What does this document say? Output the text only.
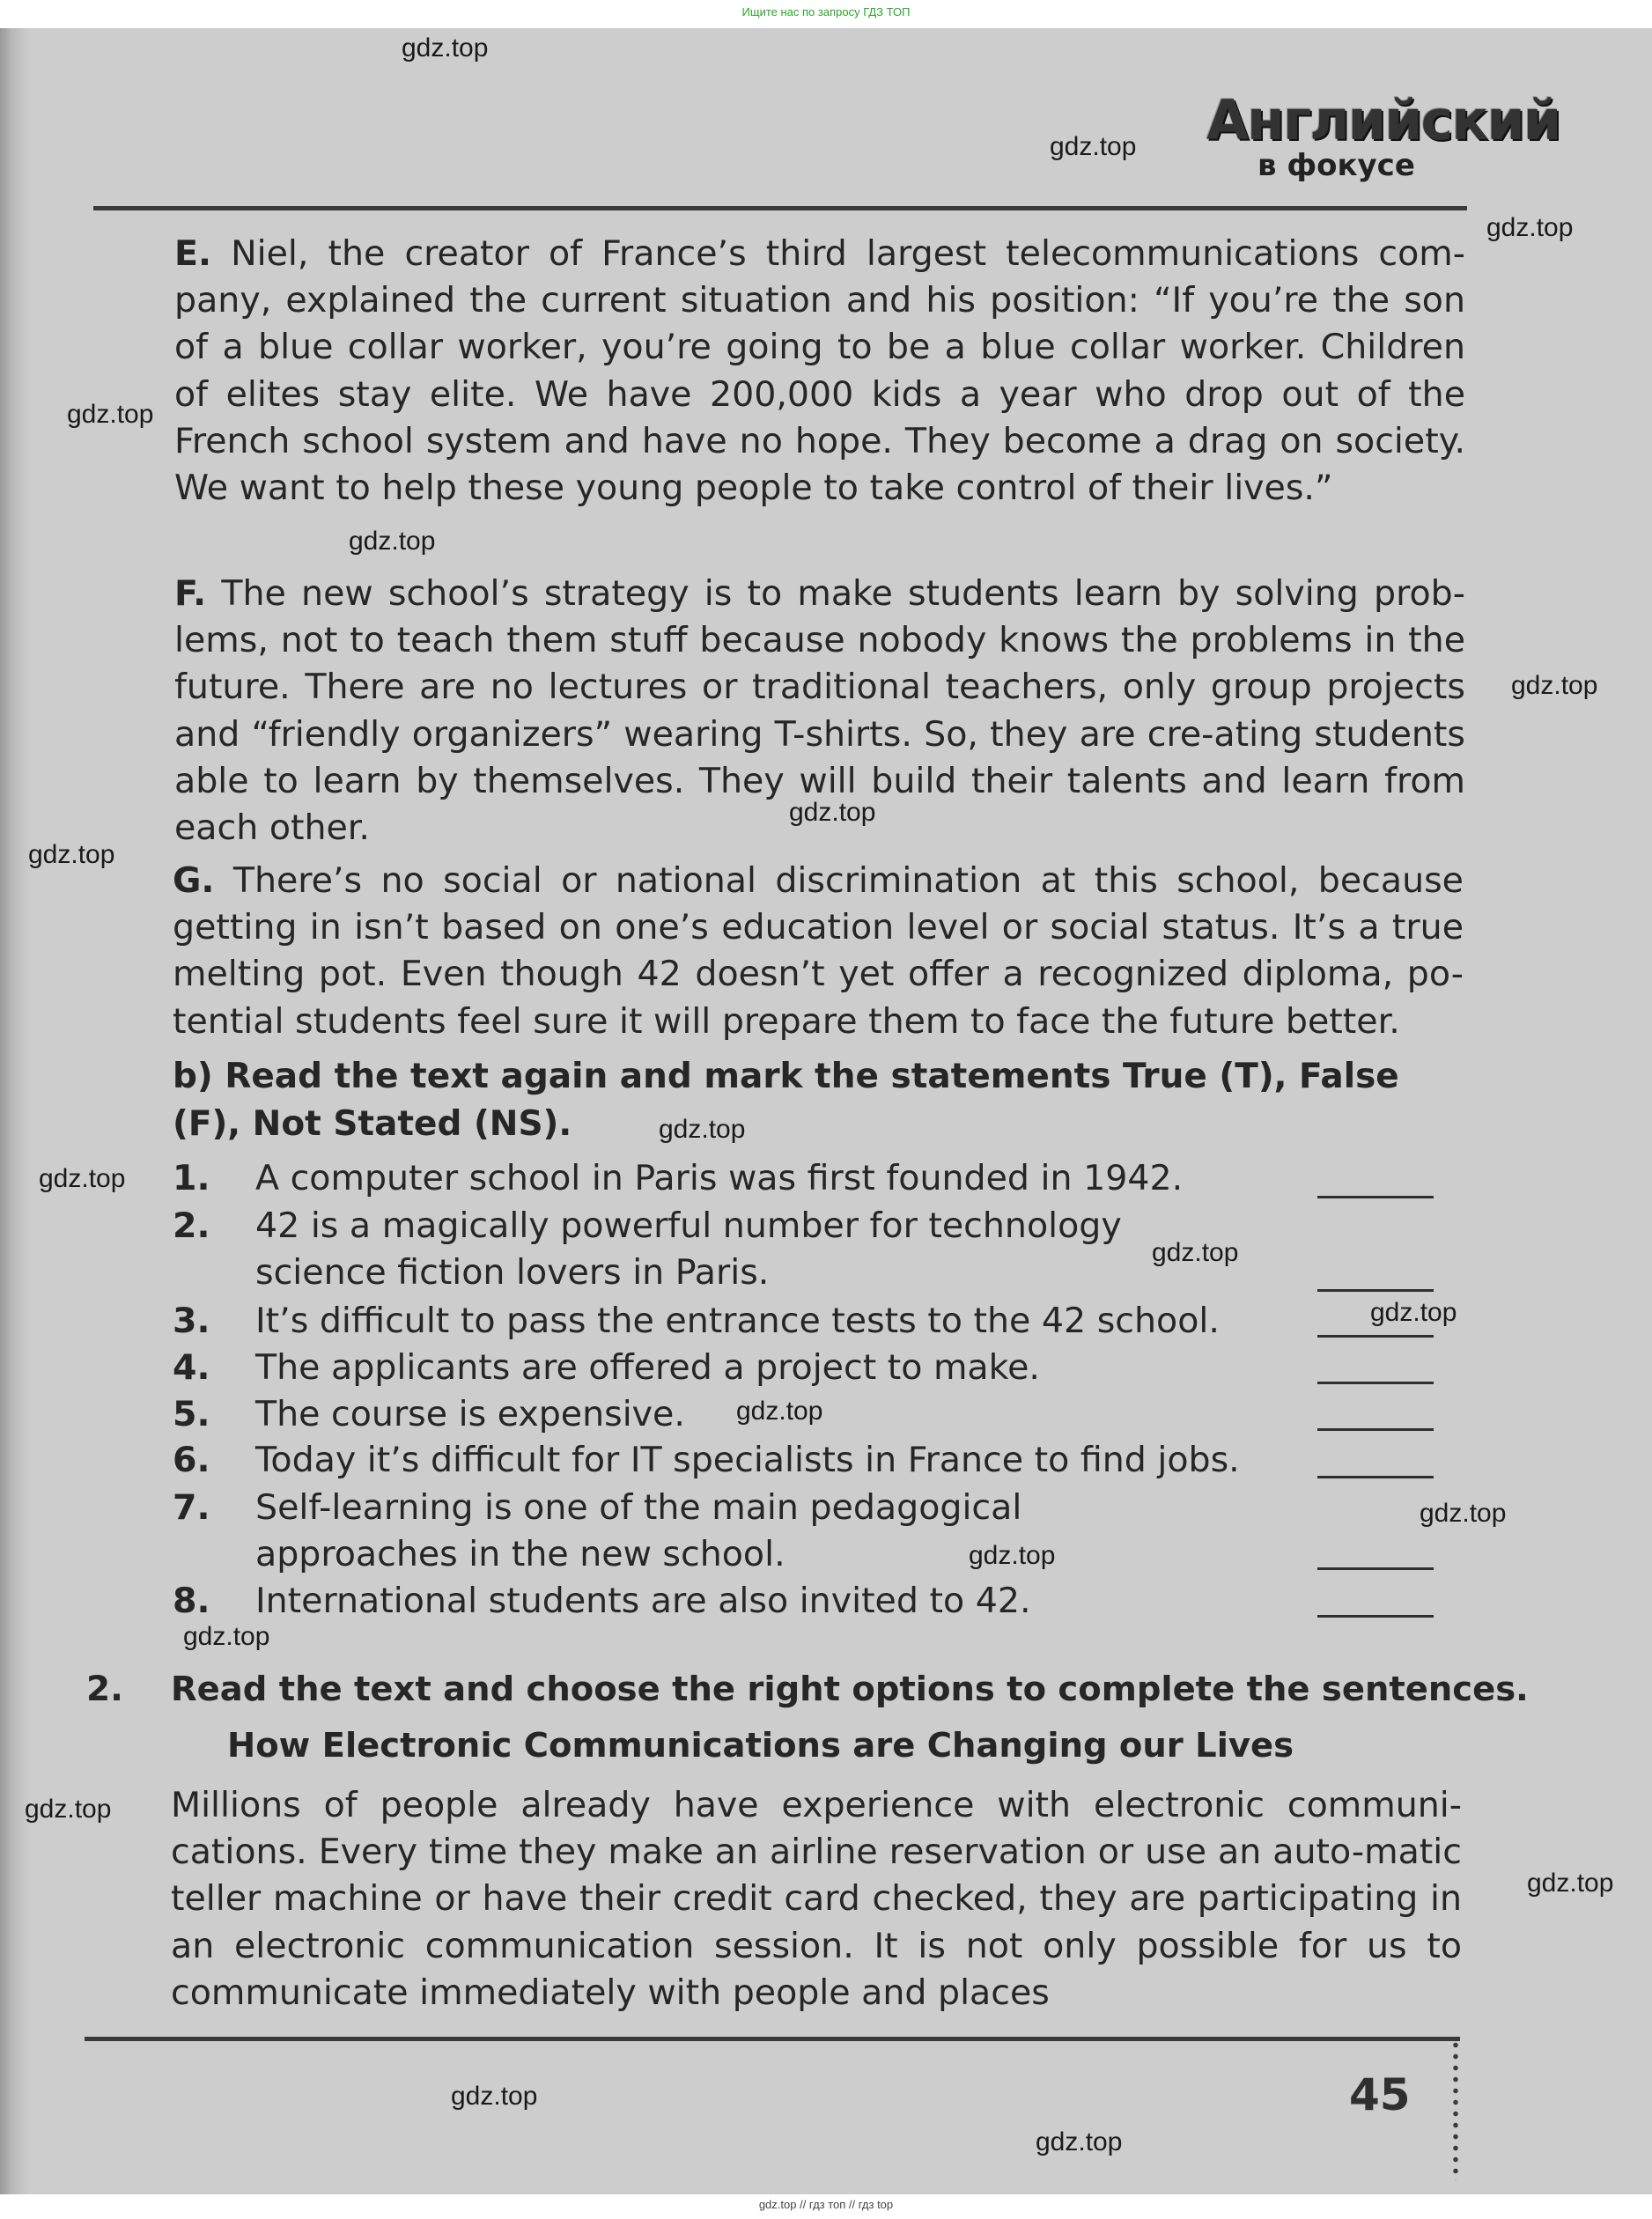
Ищите нас по запросу ГДЗ ТОП
Английский
в фокусе

E. Niel, the creator of France’s third largest telecommunications com-pany, explained the current situation and his position: “If you’re the son of a blue collar worker, you’re going to be a blue collar worker. Children of elites stay elite. We have 200,000 kids a year who drop out of the French school system and have no hope. They become a drag on society. We want to help these young people to take control of their lives.”

F. The new school’s strategy is to make students learn by solving prob-lems, not to teach them stuff because nobody knows the problems in the future. There are no lectures or traditional teachers, only group projects and “friendly organizers” wearing T-shirts. So, they are cre-ating students able to learn by themselves. They will build their talents and learn from each other.

G. There’s no social or national discrimination at this school, because getting in isn’t based on one’s education level or social status. It’s a true melting pot. Even though 42 doesn’t yet offer a recognized diploma, po-tential students feel sure it will prepare them to face the future better.

b) Read the text again and mark the statements True (T), False (F), Not Stated (NS).

1. A computer school in Paris was first founded in 1942.
2. 42 is a magically powerful number for technology science fiction lovers in Paris.
3. It’s difficult to pass the entrance tests to the 42 school.
4. The applicants are offered a project to make.
5. The course is expensive.
6. Today it’s difficult for IT specialists in France to find jobs.
7. Self-learning is one of the main pedagogical approaches in the new school.
8. International students are also invited to 42.
2. Read the text and choose the right options to complete the sentences.
How Electronic Communications are Changing our Lives

Millions of people already have experience with electronic communi-cations. Every time they make an airline reservation or use an auto-matic teller machine or have their credit card checked, they are participating in an electronic communication session. It is not only possible for us to communicate immediately with people and places

45
gdz.top
gdz.top
gdz.top
gdz.top
gdz.top
gdz.top
gdz.top
gdz.top
gdz.top
gdz.top
gdz.top
gdz.top
gdz.top
gdz.top
gdz.top
gdz.top
gdz.top
gdz.top
gdz.top
gdz.top
gdz.top // гдз топ // гдз top
